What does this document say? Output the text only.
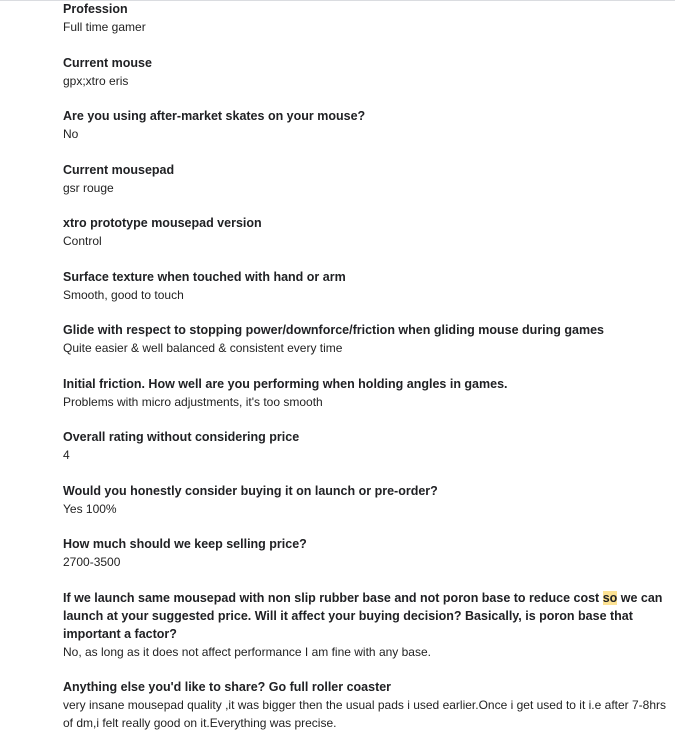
Profession

Full time gamer

Current mouse

gpx;xtro eris

Are you using after-market skates on your mouse?

No

Current mousepad

gsr rouge

xtro prototype mousepad version

Control

Surface texture when touched with hand or arm

Smooth, good to touch

Glide with respect to stopping power/downforce/friction when gliding mouse during games

Quite easier & well balanced & consistent every time

Initial friction. How well are you performing when holding angles in games.

Problems with micro adjustments, it's too smooth

Overall rating without considering price

4

Would you honestly consider buying it on launch or pre-order?

Yes 100%

How much should we keep selling price?

2700-3500

If we launch same mousepad with non slip rubber base and not poron base to reduce cost so we can launch at your suggested price. Will it affect your buying decision? Basically, is poron base that important a factor?

No, as long as it does not affect performance I am fine with any base.

Anything else you'd like to share? Go full roller coaster

very insane mousepad quality ,it was bigger then the usual pads i used earlier.Once i get used to it i.e after 7-8hrs of dm,i felt really good on it.Everything was precise.
